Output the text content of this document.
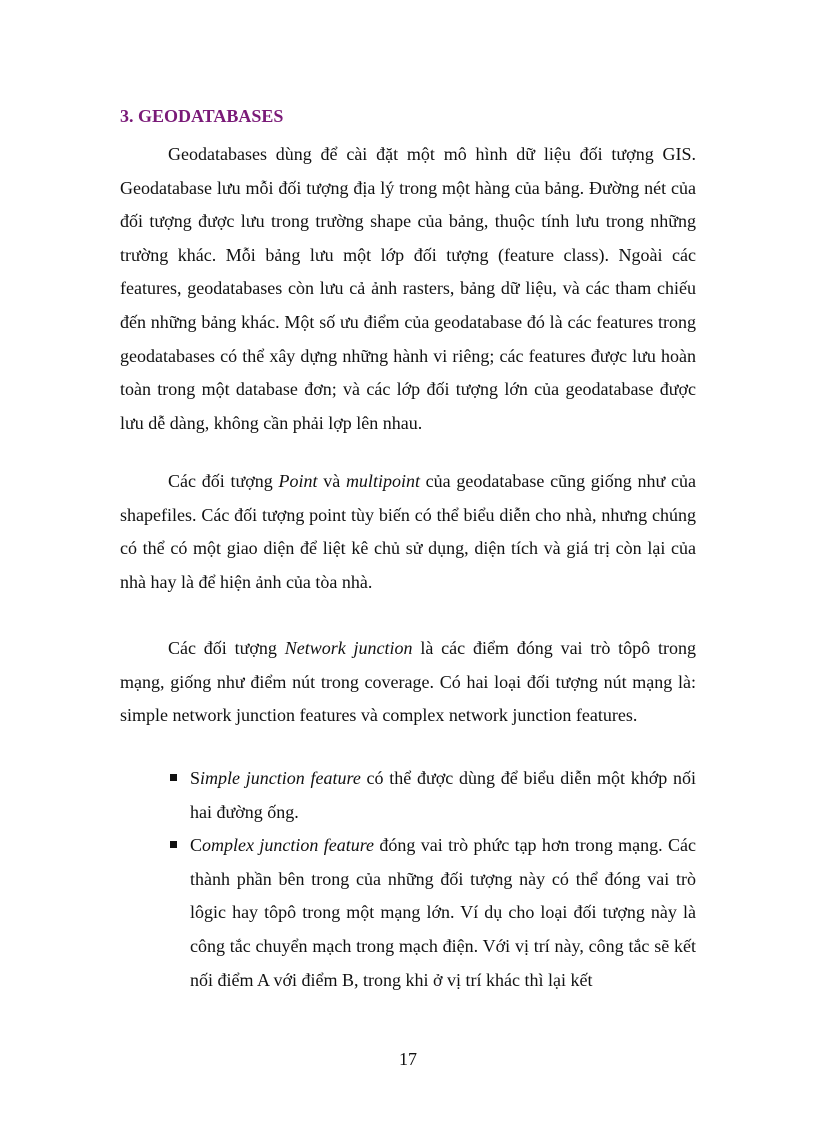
3. GEODATABASES

Geodatabases dùng để cài đặt một mô hình dữ liệu đối tượng GIS. Geodatabase lưu mỗi đối tượng địa lý trong một hàng của bảng. Đường nét của đối tượng được lưu trong trường shape của bảng, thuộc tính lưu trong những trường khác. Mỗi bảng lưu một lớp đối tượng (feature class). Ngoài các features, geodatabases còn lưu cả ảnh rasters, bảng dữ liệu, và các tham chiếu đến những bảng khác. Một số ưu điểm của geodatabase đó là các features trong geodatabases có thể xây dựng những hành vi riêng; các features được lưu hoàn toàn trong một database đơn; và các lớp đối tượng lớn của geodatabase được lưu dễ dàng, không cần phải lợp lên nhau.

Các đối tượng Point và multipoint của geodatabase cũng giống như của shapefiles. Các đối tượng point tùy biến có thể biểu diễn cho nhà, nhưng chúng có thể có một giao diện để liệt kê chủ sử dụng, diện tích và giá trị còn lại của nhà hay là để hiện ảnh của tòa nhà.

Các đối tượng Network junction là các điểm đóng vai trò tôpô trong mạng, giống như điểm nút trong coverage. Có hai loại đối tượng nút mạng là: simple network junction features và complex network junction features.

Simple junction feature có thể được dùng để biểu diễn một khớp nối hai đường ống.
Complex junction feature đóng vai trò phức tạp hơn trong mạng. Các thành phần bên trong của những đối tượng này có thể đóng vai trò lôgic hay tôpô trong một mạng lớn. Ví dụ cho loại đối tượng này là công tắc chuyển mạch trong mạch điện. Với vị trí này, công tắc sẽ kết nối điểm A với điểm B, trong khi ở vị trí khác thì lại kết
17
